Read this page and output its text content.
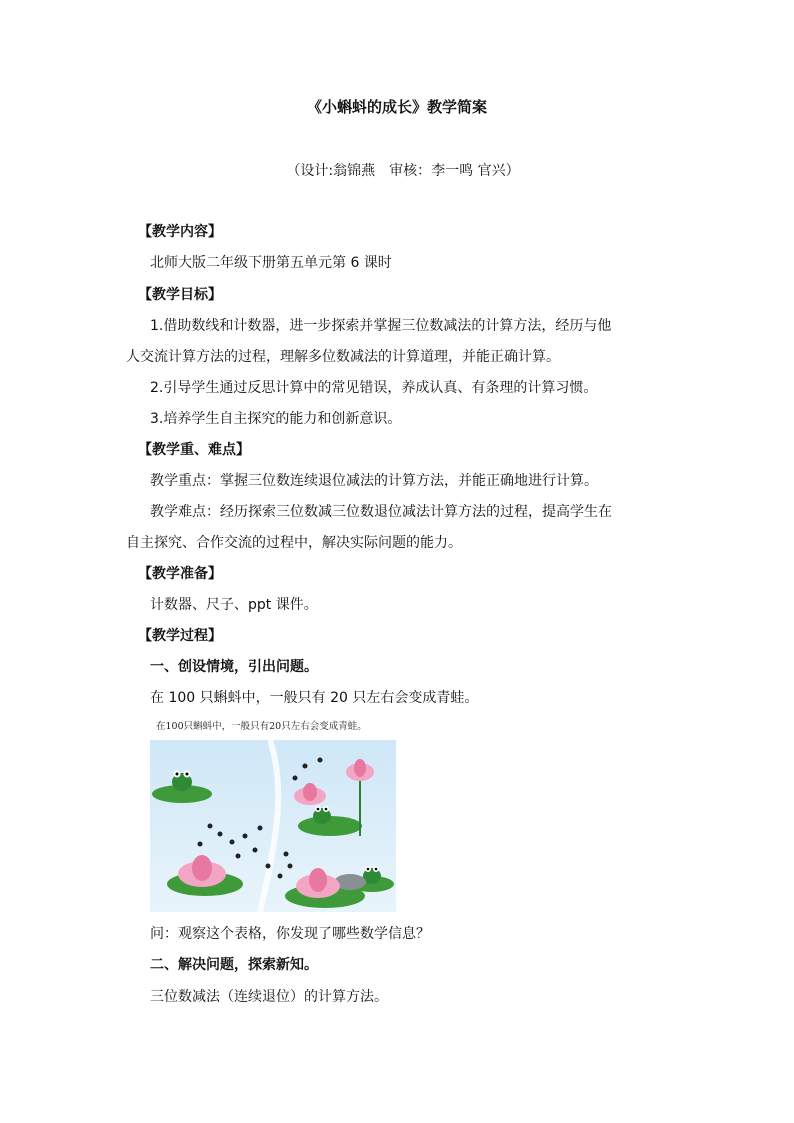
《小蝌蚪的成长》教学简案
（设计:翁锦燕　审核：李一鸣 官兴）
【教学内容】
北师大版二年级下册第五单元第 6 课时
【教学目标】
1.借助数线和计数器，进一步探索并掌握三位数减法的计算方法，经历与他
人交流计算方法的过程，理解多位数减法的计算道理，并能正确计算。
2.引导学生通过反思计算中的常见错误，养成认真、有条理的计算习惯。
3.培养学生自主探究的能力和创新意识。
【教学重、难点】
教学重点：掌握三位数连续退位减法的计算方法，并能正确地进行计算。
教学难点：经历探索三位数减三位数退位减法计算方法的过程，提高学生在
自主探究、合作交流的过程中，解决实际问题的能力。
【教学准备】
计数器、尺子、ppt 课件。
【教学过程】
一、创设情境，引出问题。
在 100 只蝌蚪中，一般只有 20 只左右会变成青蛙。
在100只蝌蚪中，一般只有20只左右会变成青蛙。
问：观察这个表格，你发现了哪些数学信息？
二、解决问题，探索新知。
三位数减法（连续退位）的计算方法。
